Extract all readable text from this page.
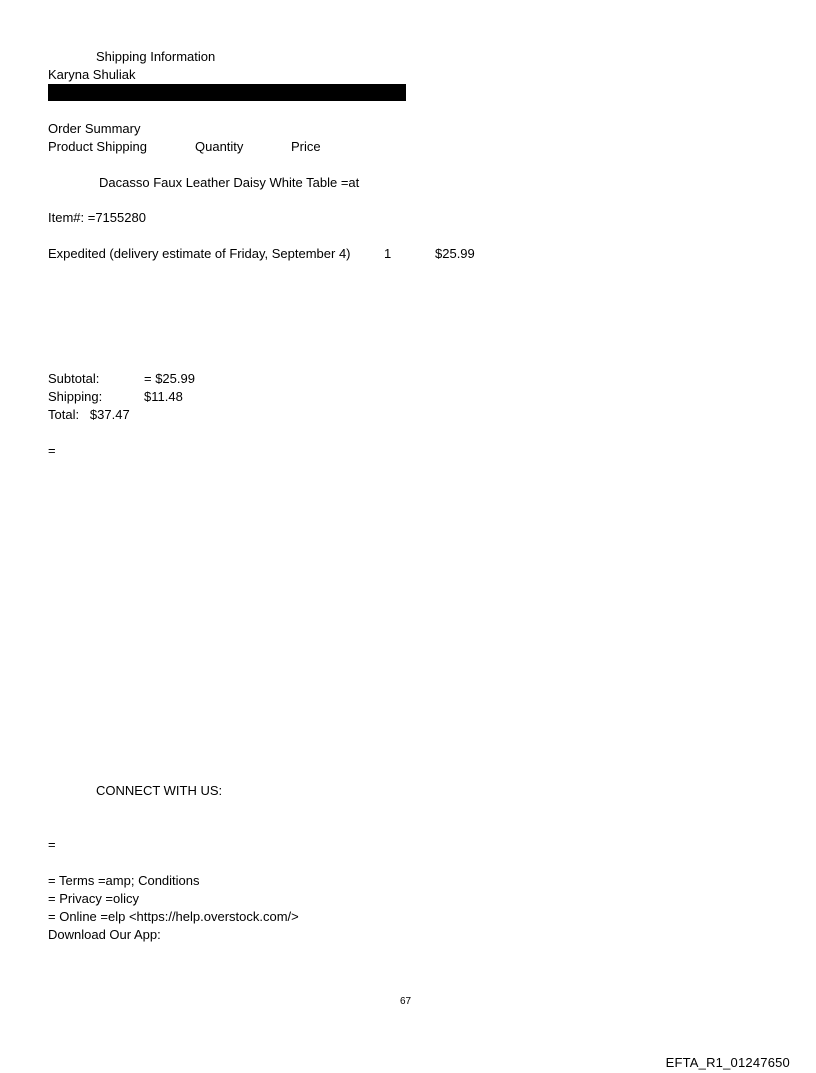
Shipping Information
Karyna Shuliak
Order Summary
Product Shipping	Quantity	Price
Dacasso Faux Leather Daisy White Table =at
Item#: =7155280
Expedited (delivery estimate of Friday, September 4)	1	$25.99
Subtotal:	= $25.99
Shipping:	$11.48
Total:   $37.47
=
CONNECT WITH US:
=
= Terms =amp; Conditions
= Privacy =olicy
= Online =elp <https://help.overstock.com/>
Download Our App:
67
EFTA_R1_01247650
